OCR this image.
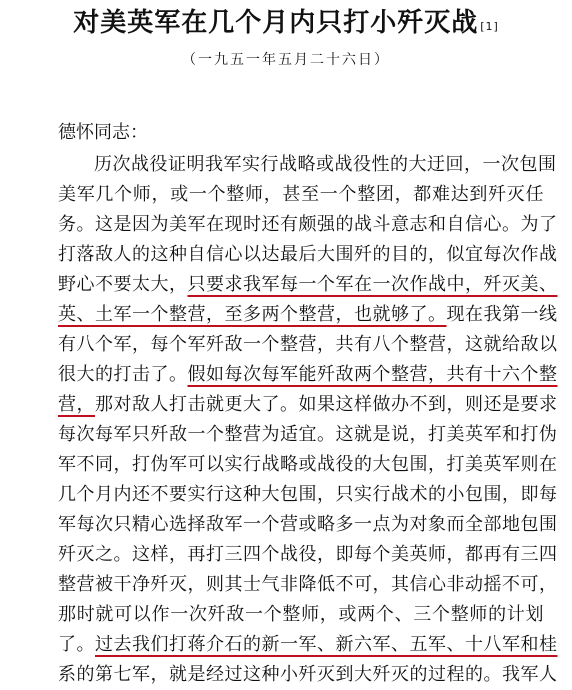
对美英军在几个月内只打小歼灭战 [1]
（一九五一年五月二十六日）
德怀同志：
历次战役证明我军实行战略或战役性的大迂回，一次包围
美军几个师，或一个整师，甚至一个整团，都难达到歼灭任
务。这是因为美军在现时还有颇强的战斗意志和自信心。为了
打落敌人的这种自信心以达最后大围歼的目的，似宜每次作战
野心不要太大，只要求我军每一个军在一次作战中，歼灭美、
英、土军一个整营，至多两个整营，也就够了。现在我第一线
有八个军，每个军歼敌一个整营，共有八个整营，这就给敌以
很大的打击了。假如每次每军能歼敌两个整营，共有十六个整
营，那对敌人打击就更大了。如果这样做办不到，则还是要求
每次每军只歼敌一个整营为适宜。这就是说，打美英军和打伪
军不同，打伪军可以实行战略或战役的大包围，打美英军则在
几个月内还不要实行这种大包围，只实行战术的小包围，即每
军每次只精心选择敌军一个营或略多一点为对象而全部地包围
歼灭之。这样，再打三四个战役，即每个美英师，都再有三四
整营被干净歼灭，则其士气非降低不可，其信心非动摇不可，
那时就可以作一次歼敌一个整师，或两个、三个整师的计划
了。过去我们打蒋介石的新一军、新六军、五军、十八军和桂
系的第七军，就是经过这种小歼灭到大歼灭的过程的。我军人
